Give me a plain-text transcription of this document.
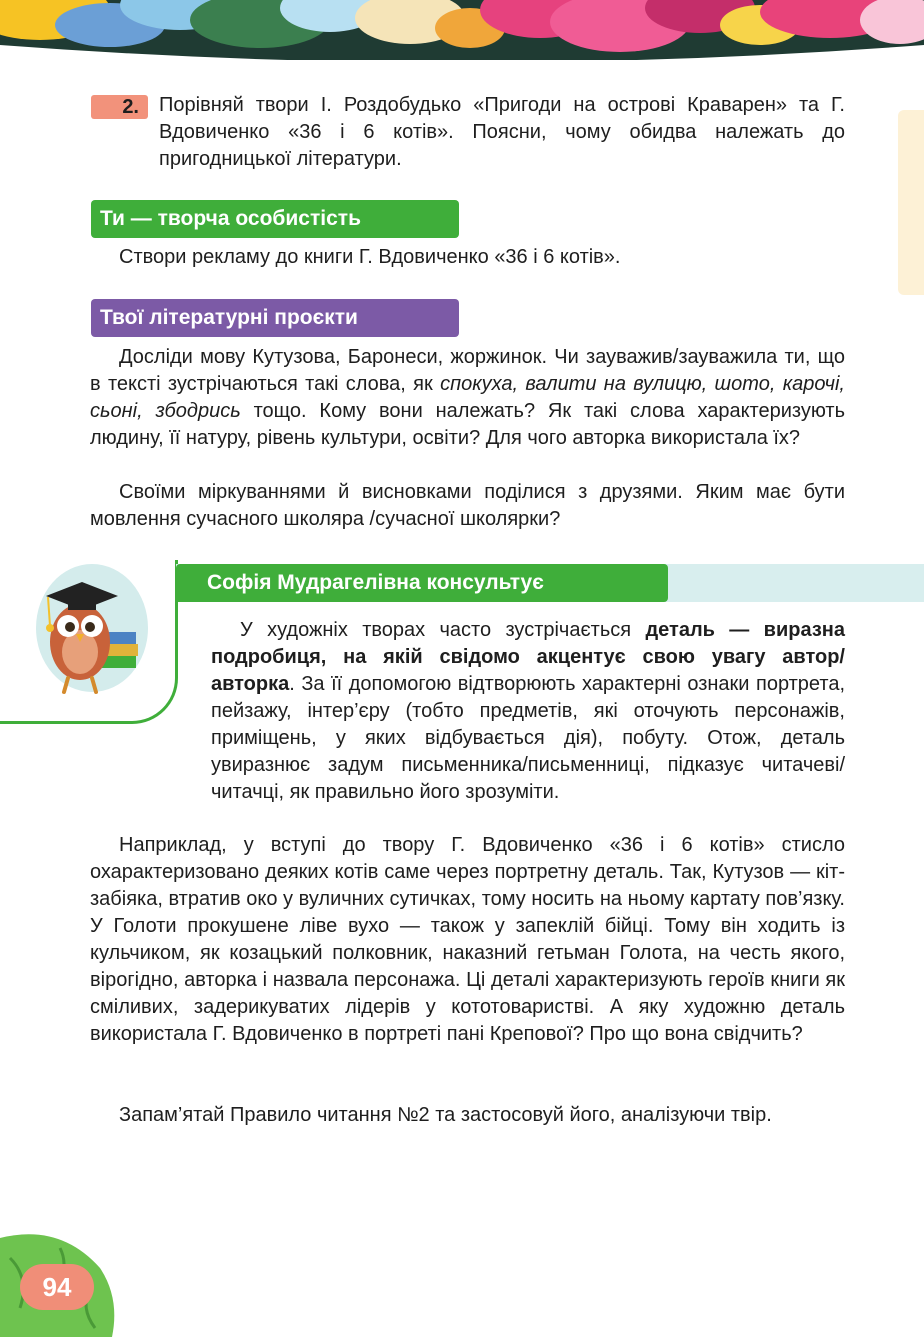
2. Порівняй твори І. Роздобудько «Пригоди на острові Краварен» та Г. Вдовиченко «36 і 6 котів». Поясни, чому обидва належать до пригодницької літератури.

Ти — творча особистість

Створи рекламу до книги Г. Вдовиченко «36 і 6 котів».

Твої літературні проєкти

Досліди мову Кутузова, Баронеси, жоржинок. Чи зауважив/зауважила ти, що в тексті зустрічаються такі слова, як спокуха, валити на вулицю, шото, карочі, сьоні, збодрись тощо. Кому вони належать? Як такі слова характеризують людину, її натуру, рівень культури, освіти? Для чого авторка використала їх?

Своїми міркуваннями й висновками поділися з друзями. Яким має бути мовлення сучасного школяра /сучасної школярки?

Софія Мудрагелівна консультує

У художніх творах часто зустрічається деталь — виразна подробиця, на якій свідомо акцентує свою увагу автор/авторка. За її допомогою відтворюють характерні ознаки портрета, пейзажу, інтер’єру (тобто предметів, які оточують персонажів, приміщень, у яких відбувається дія), побуту. Отож, деталь увиразнює задум письменника/письменниці, підказує читачеві/читачці, як правильно його зрозуміти.

Наприклад, у вступі до твору Г. Вдовиченко «36 і 6 котів» стисло охарактеризовано деяких котів саме через портретну деталь. Так, Кутузов — кіт-забіяка, втратив око у вуличних сутичках, тому носить на ньому картату пов’язку. У Голоти прокушене ліве вухо — також у запеклій бійці. Тому він ходить із кульчиком, як козацький полковник, наказний гетьман Голота, на честь якого, вірогідно, авторка і назвала персонажа. Ці деталі характеризують героїв книги як сміливих, задерикуватих лідерів у кототоваристві. А яку художню деталь використала Г. Вдовиченко в портреті пані Крепової? Про що вона свідчить?

Запам’ятай Правило читання №2 та застосовуй його, аналізуючи твір.

94
